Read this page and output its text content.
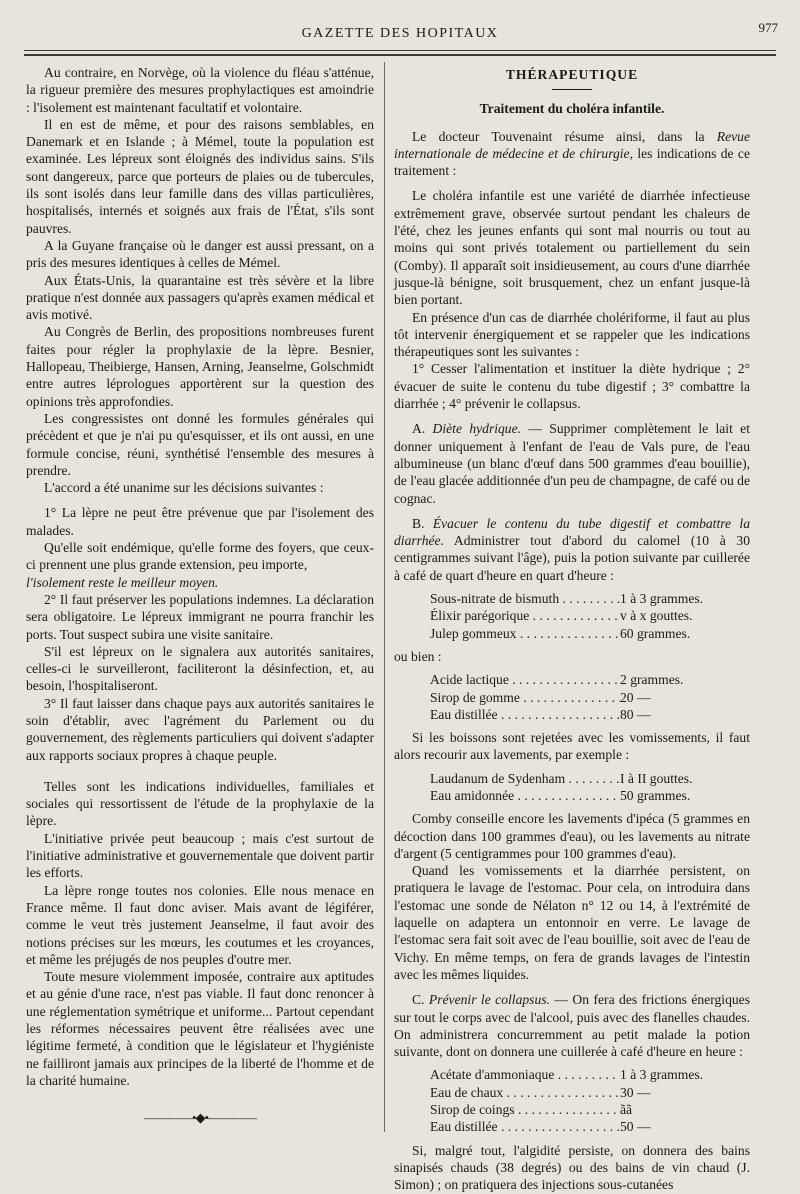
GAZETTE DES HOPITAUX	977

Au contraire, en Norvège, où la violence du fléau s'atténue, la rigueur première des mesures prophylactiques est amoindrie : l'isolement est maintenant facultatif et volontaire.

Il en est de même, et pour des raisons semblables, en Danemark et en Islande ; à Mémel, toute la population est examinée. Les lépreux sont éloignés des individus sains. S'ils sont dangereux, parce que porteurs de plaies ou de tubercules, ils sont isolés dans leur famille dans des villas particulières, hospitalisés, internés et soignés aux frais de l'État, s'ils sont pauvres.

A la Guyane française où le danger est aussi pressant, on a pris des mesures identiques à celles de Mémel.

Aux États-Unis, la quarantaine est très sévère et la libre pratique n'est donnée aux passagers qu'après examen médical et avis motivé.

Au Congrès de Berlin, des propositions nombreuses furent faites pour régler la prophylaxie de la lèpre. Besnier, Hallopeau, Theibierge, Hansen, Arning, Jeanselme, Golschmidt entre autres léprologues apportèrent sur la question des opinions très approfondies.

Les congressistes ont donné les formules générales qui précèdent et que je n'ai pu qu'esquisser, et ils ont aussi, en une formule concise, réuni, synthétisé l'ensemble des mesures à prendre.

L'accord a été unanime sur les décisions suivantes :

1° La lèpre ne peut être prévenue que par l'isolement des malades.

Qu'elle soit endémique, qu'elle forme des foyers, que ceux-ci prennent une plus grande extension, peu importe,

l'isolement reste le meilleur moyen.

2° Il faut préserver les populations indemnes. La déclaration sera obligatoire. Le lépreux immigrant ne pourra franchir les ports. Tout suspect subira une visite sanitaire.

S'il est lépreux on le signalera aux autorités sanitaires, celles-ci le surveilleront, faciliteront la désinfection, et, au besoin, l'hospitaliseront.

3° Il faut laisser dans chaque pays aux autorités sanitaires le soin d'établir, avec l'agrément du Parlement ou du gouvernement, des règlements particuliers qui doivent s'adapter aux rapports sociaux propres à chaque peuple.

Telles sont les indications individuelles, familiales et sociales qui ressortissent de l'étude de la prophylaxie de la lèpre.

L'initiative privée peut beaucoup ; mais c'est surtout de l'initiative administrative et gouvernementale que doivent partir les efforts.

La lèpre ronge toutes nos colonies. Elle nous menace en France même. Il faut donc aviser. Mais avant de légiférer, comme le veut très justement Jeanselme, il faut avoir des notions précises sur les mœurs, les coutumes et les croyances, et même les préjugés de nos peuples d'outre mer.

Toute mesure violemment imposée, contraire aux aptitudes et au génie d'une race, n'est pas viable. Il faut donc renoncer à une réglementation symétrique et uniforme... Partout cependant les réformes nécessaires peuvent être réalisées avec une légitime fermeté, à condition que le législateur et l'hygiéniste ne failliront jamais aux principes de la liberté de l'homme et de la charité humaine.

————•◆•————
THÉRAPEUTIQUE
Traitement du choléra infantile.

Le docteur Touvenaint résume ainsi, dans la Revue internationale de médecine et de chirurgie, les indications de ce traitement :

Le choléra infantile est une variété de diarrhée infectieuse extrêmement grave, observée surtout pendant les chaleurs de l'été, chez les jeunes enfants qui sont mal nourris ou tout au moins qui sont privés totalement ou partiellement du sein (Comby). Il apparaît soit insidieusement, au cours d'une diarrhée jusque-là bénigne, soit brusquement, chez un enfant jusque-là bien portant.

En présence d'un cas de diarrhée cholériforme, il faut au plus tôt intervenir énergiquement et se rappeler que les indications thérapeutiques sont les suivantes :

1° Cesser l'alimentation et instituer la diète hydrique ; 2° évacuer de suite le contenu du tube digestif ; 3° combattre la diarrhée ; 4° prévenir le collapsus.

A. Diète hydrique. — Supprimer complètement le lait et donner uniquement à l'enfant de l'eau de Vals pure, de l'eau albumineuse (un blanc d'œuf dans 500 grammes d'eau bouillie), de l'eau glacée additionnée d'un peu de champagne, de café ou de cognac.

B. Évacuer le contenu du tube digestif et combattre la diarrhée. Administrer tout d'abord du calomel (10 à 30 centigrammes suivant l'âge), puis la potion suivante par cuillerée à café de quart d'heure en quart d'heure :

Sous-nitrate de bismuth . . .	1 à 3 grammes.
Élixir parégorique . . .	v à x gouttes.
Julep gommeux . . .	60 grammes.

ou bien :

Acide lactique . . .	2 grammes.
Sirop de gomme . . .	20 —
Eau distillée . . .	80 —

Si les boissons sont rejetées avec les vomissements, il faut alors recourir aux lavements, par exemple :

Laudanum de Sydenham . . .	I à II gouttes.
Eau amidonnée . . .	50 grammes.

Comby conseille encore les lavements d'ipéca (5 grammes en décoction dans 100 grammes d'eau), ou les lavements au nitrate d'argent (5 centigrammes pour 100 grammes d'eau).

Quand les vomissements et la diarrhée persistent, on pratiquera le lavage de l'estomac. Pour cela, on introduira dans l'estomac une sonde de Nélaton n° 12 ou 14, à l'extrémité de laquelle on adaptera un entonnoir en verre. Le lavage de l'estomac sera fait soit avec de l'eau bouillie, soit avec de l'eau de Vichy. En même temps, on fera de grands lavages de l'intestin avec les mêmes liquides.

C. Prévenir le collapsus. — On fera des frictions énergiques sur tout le corps avec de l'alcool, puis avec des flanelles chaudes. On administrera concurremment au petit malade la potion suivante, dont on donnera une cuillerée à café d'heure en heure :

Acétate d'ammoniaque . . .	1 à 3 grammes.
Eau de chaux . . .	30 —
Sirop de coings . . .	ãã
Eau distillée . . .	50 —

Si, malgré tout, l'algidité persiste, on donnera des bains sinapisés chauds (38 degrés) ou des bains de vin chaud (J. Simon) ; on pratiquera des injections sous-cutanées
